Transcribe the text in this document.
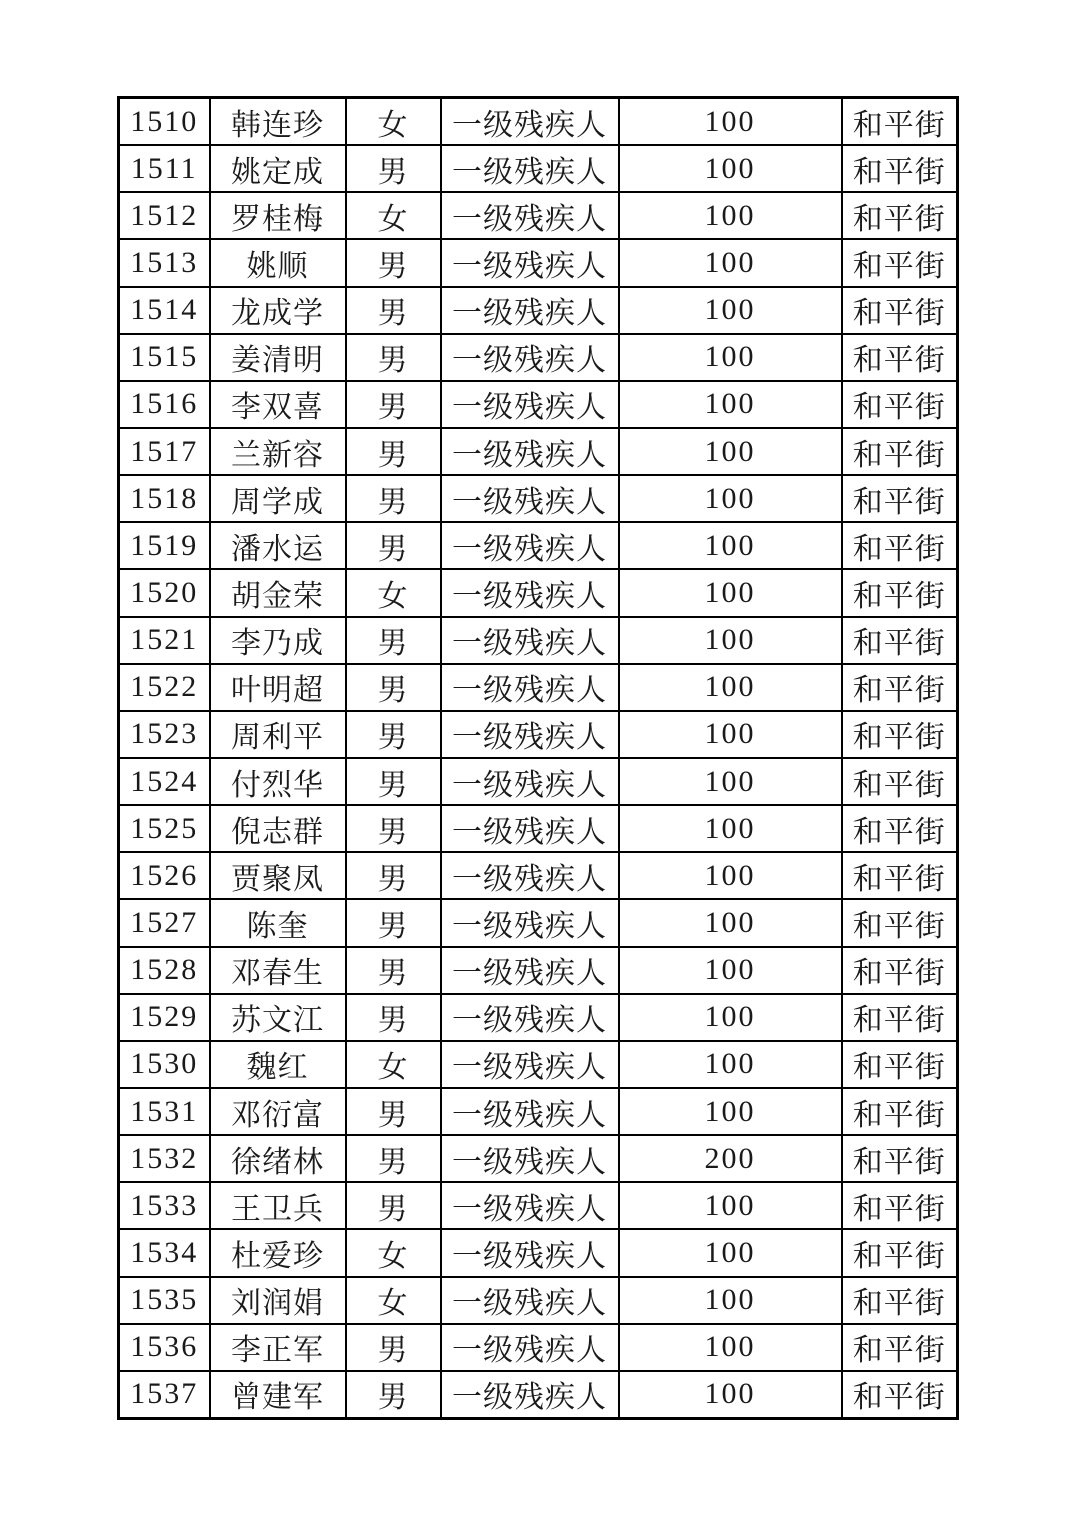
1510	韩连珍	女	一级残疾人	100	和平街
1511	姚定成	男	一级残疾人	100	和平街
1512	罗桂梅	女	一级残疾人	100	和平街
1513	姚顺	男	一级残疾人	100	和平街
1514	龙成学	男	一级残疾人	100	和平街
1515	姜清明	男	一级残疾人	100	和平街
1516	李双喜	男	一级残疾人	100	和平街
1517	兰新容	男	一级残疾人	100	和平街
1518	周学成	男	一级残疾人	100	和平街
1519	潘水运	男	一级残疾人	100	和平街
1520	胡金荣	女	一级残疾人	100	和平街
1521	李乃成	男	一级残疾人	100	和平街
1522	叶明超	男	一级残疾人	100	和平街
1523	周利平	男	一级残疾人	100	和平街
1524	付烈华	男	一级残疾人	100	和平街
1525	倪志群	男	一级残疾人	100	和平街
1526	贾聚凤	男	一级残疾人	100	和平街
1527	陈奎	男	一级残疾人	100	和平街
1528	邓春生	男	一级残疾人	100	和平街
1529	苏文江	男	一级残疾人	100	和平街
1530	魏红	女	一级残疾人	100	和平街
1531	邓衍富	男	一级残疾人	100	和平街
1532	徐绪林	男	一级残疾人	200	和平街
1533	王卫兵	男	一级残疾人	100	和平街
1534	杜爱珍	女	一级残疾人	100	和平街
1535	刘润娟	女	一级残疾人	100	和平街
1536	李正军	男	一级残疾人	100	和平街
1537	曾建军	男	一级残疾人	100	和平街
